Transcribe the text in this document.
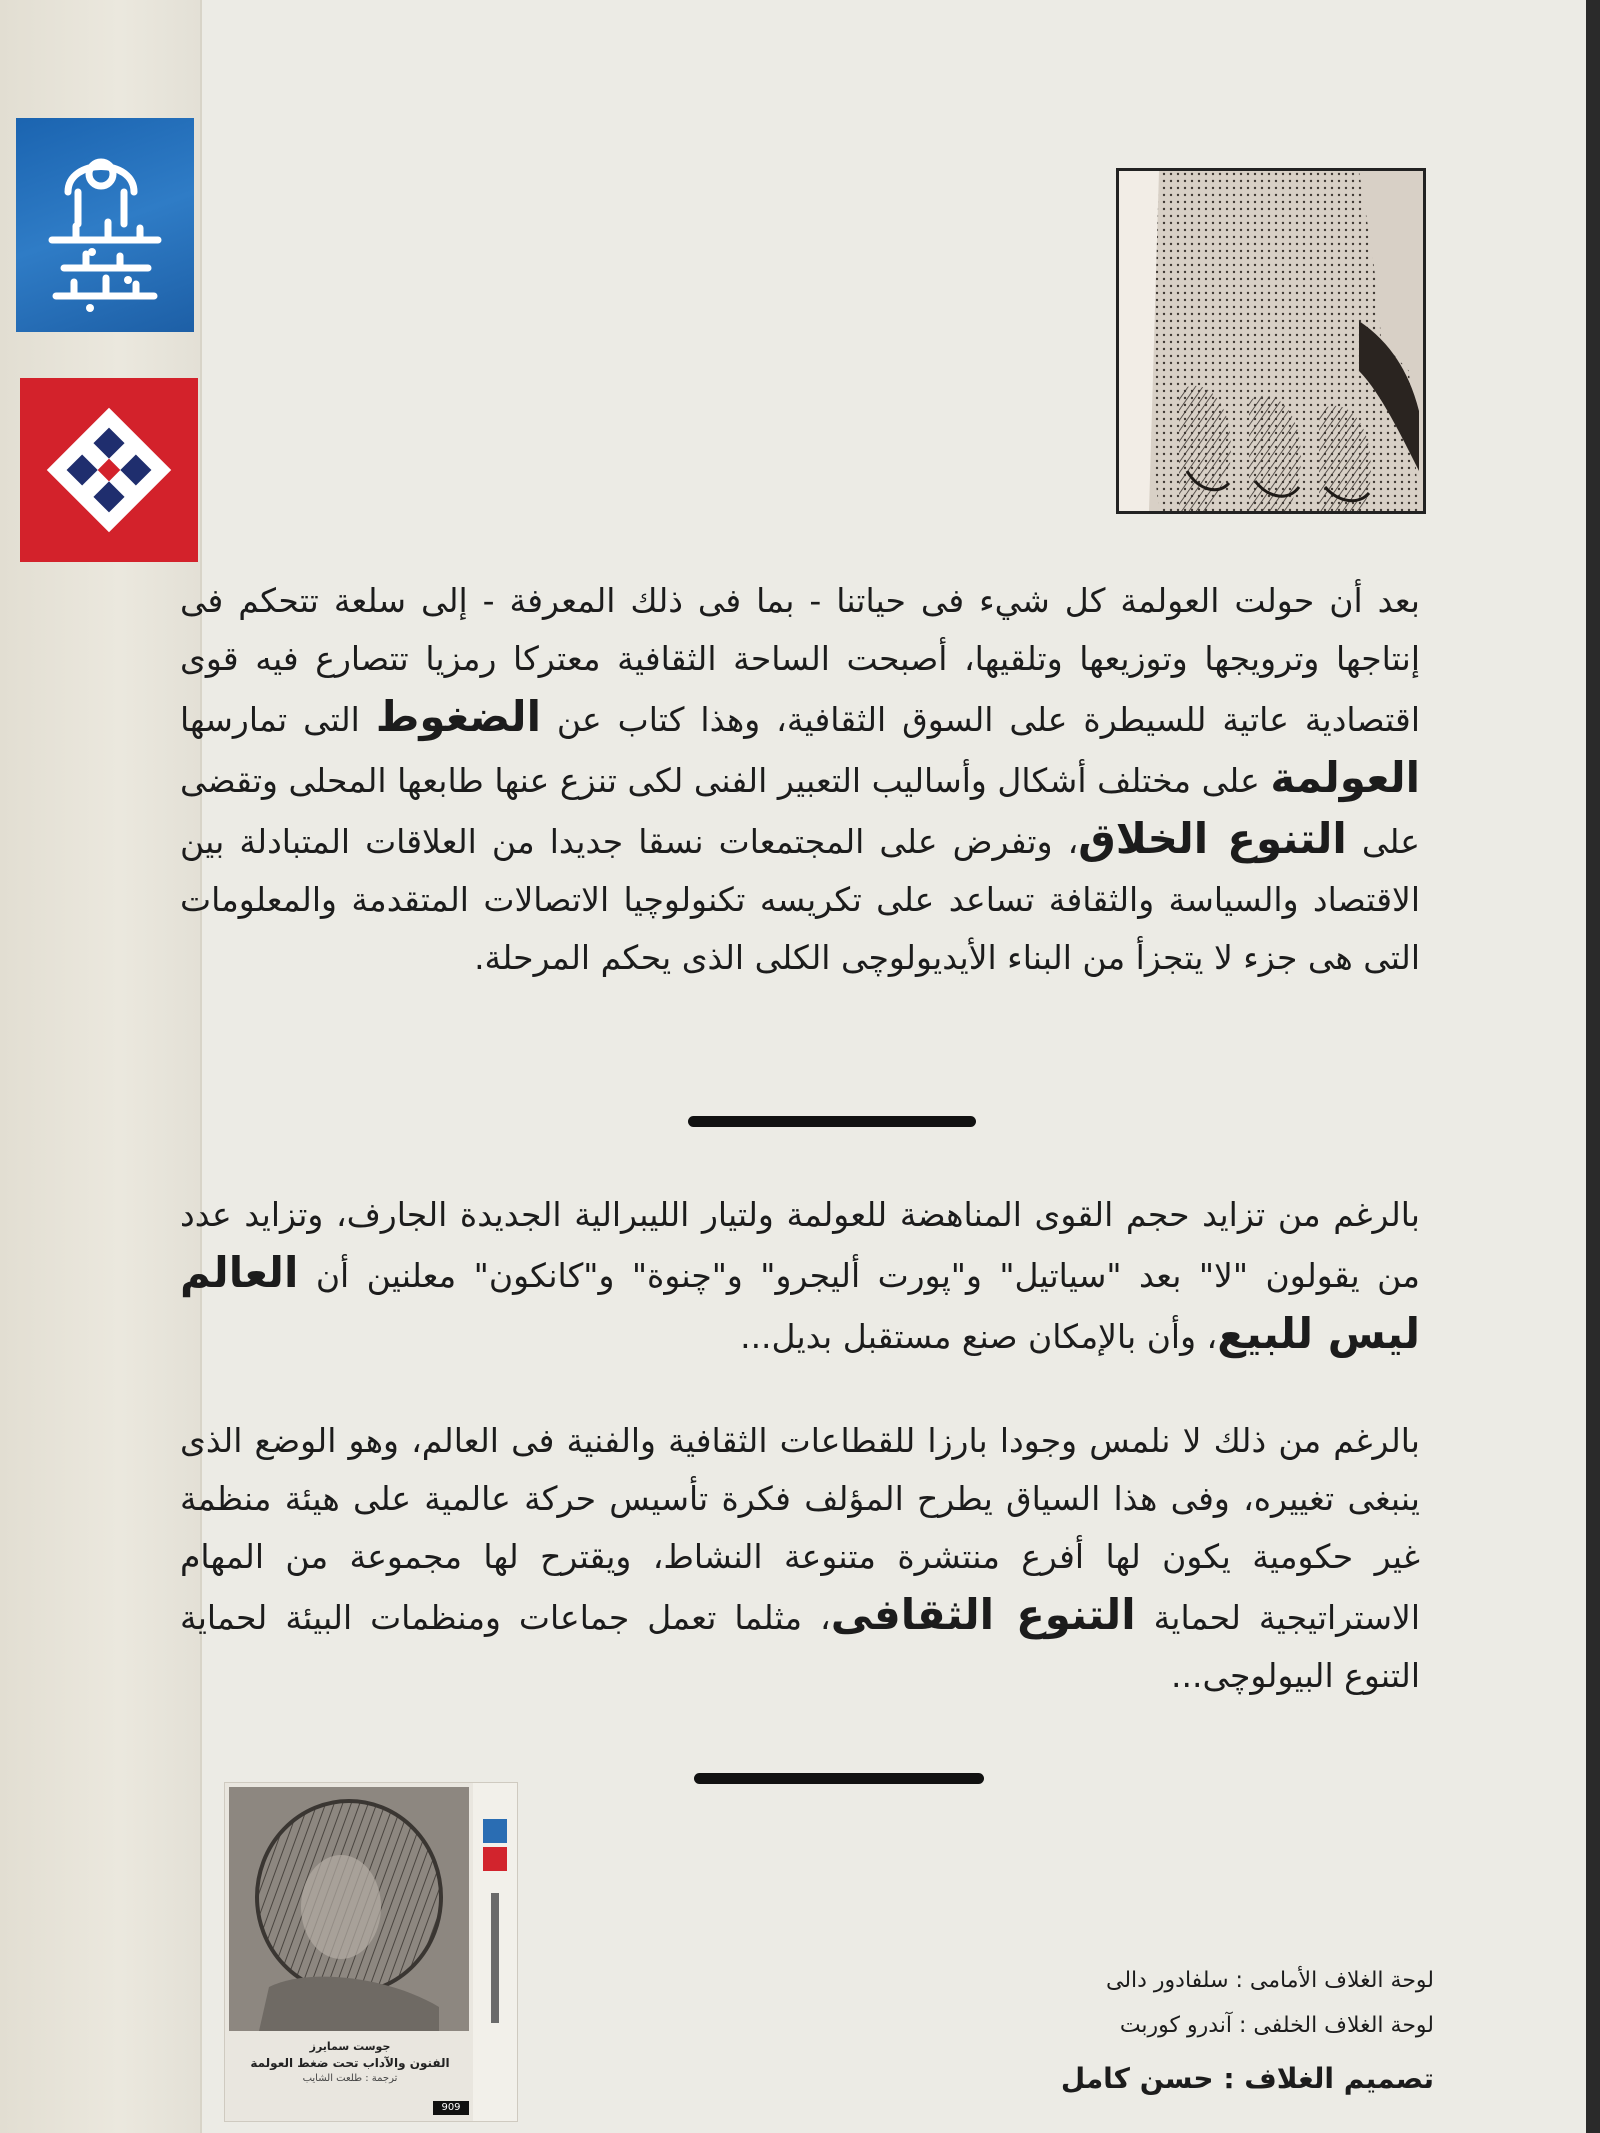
بعد أن حولت العولمة كل شيء فى حياتنا - بما فى ذلك المعرفة - إلى سلعة تتحكم فى إنتاجها وترويجها وتوزيعها وتلقيها، أصبحت الساحة الثقافية معتركا رمزيا تتصارع فيه قوى اقتصادية عاتية للسيطرة على السوق الثقافية، وهذا كتاب عن الضغوط التى تمارسها العولمة على مختلف أشكال وأساليب التعبير الفنى لكى تنزع عنها طابعها المحلى وتقضى على التنوع الخلاق، وتفرض على المجتمعات نسقا جديدا من العلاقات المتبادلة بين الاقتصاد والسياسة والثقافة تساعد على تكريسه تكنولوچيا الاتصالات المتقدمة والمعلومات التى هى جزء لا يتجزأ من البناء الأيديولوچى الكلى الذى يحكم المرحلة.

بالرغم من تزايد حجم القوى المناهضة للعولمة ولتيار الليبرالية الجديدة الجارف، وتزايد عدد من يقولون "لا" بعد "سياتيل" و"پورت أليجرو" و"چنوة" و"كانكون" معلنين أن العالم ليس للبيع، وأن بالإمكان صنع مستقبل بديل...

بالرغم من ذلك لا نلمس وجودا بارزا للقطاعات الثقافية والفنية فى العالم، وهو الوضع الذى ينبغى تغييره، وفى هذا السياق يطرح المؤلف فكرة تأسيس حركة عالمية على هيئة منظمة غير حكومية يكون لها أفرع منتشرة متنوعة النشاط، ويقترح لها مجموعة من المهام الاستراتيجية لحماية التنوع الثقافى، مثلما تعمل جماعات ومنظمات البيئة لحماية التنوع البيولوچى...

جوست سمايرز
الفنون والآداب تحت ضغط العولمة
ترجمة : طلعت الشايب
909
لوحة الغلاف الأمامى : سلفادور دالى
لوحة الغلاف الخلفى : آندرو كوربت
تصميم الغلاف : حسن كامل
